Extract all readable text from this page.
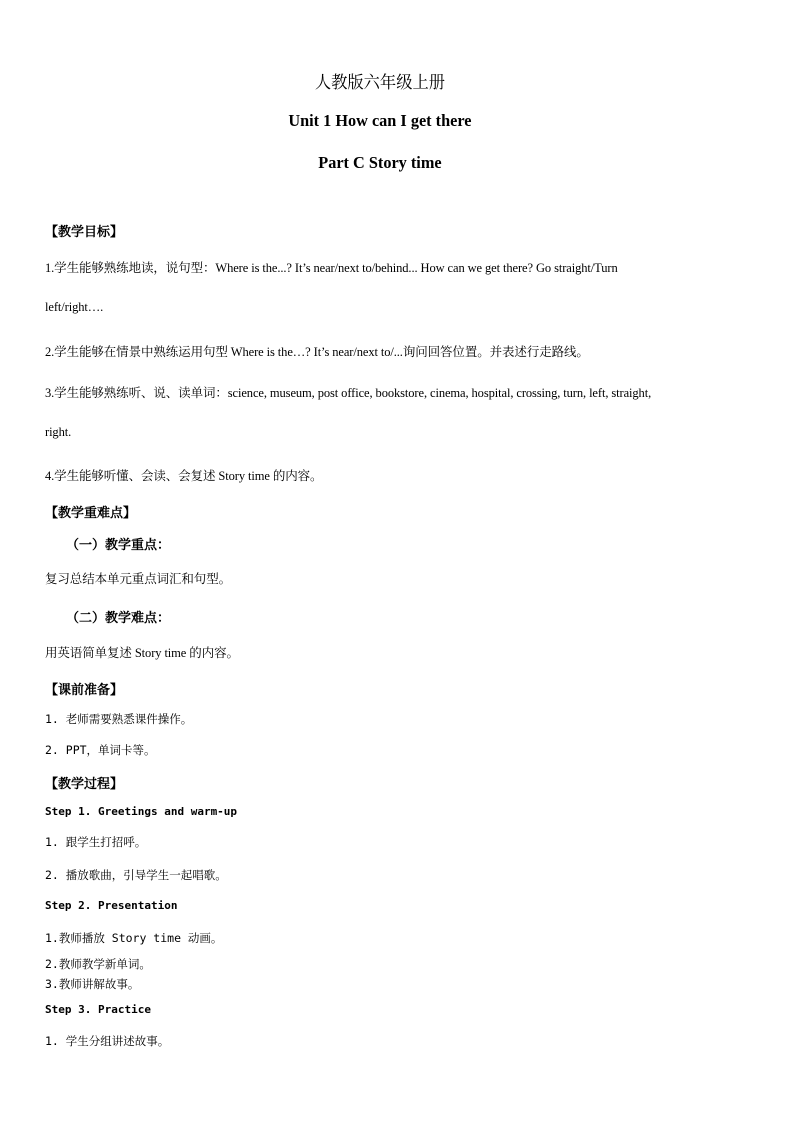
人教版六年级上册
Unit 1 How can I get there
Part C Story time
【教学目标】
1.学生能够熟练地读，说句型：Where is the...? It’s near/next to/behind... How can we get there? Go straight/Turn
left/right….
2.学生能够在情景中熟练运用句型 Where is the…? It’s near/next to/...询问回答位置。并表述行走路线。
3.学生能够熟练听、说、读单词：science, museum, post office, bookstore, cinema, hospital, crossing, turn, left, straight,
right.
4.学生能够听懂、会读、会复述 Story time 的内容。
【教学重难点】
（一）教学重点：
复习总结本单元重点词汇和句型。
（二）教学难点：
用英语简单复述 Story time 的内容。
【课前准备】
1. 老师需要熟悉课件操作。
2. PPT，单词卡等。
【教学过程】
Step 1. Greetings and warm-up
1. 跟学生打招呼。
2. 播放歌曲，引导学生一起唱歌。
Step 2. Presentation
1.教师播放 Story time 动画。
2.教师教学新单词。
3.教师讲解故事。
Step 3. Practice
1. 学生分组讲述故事。
